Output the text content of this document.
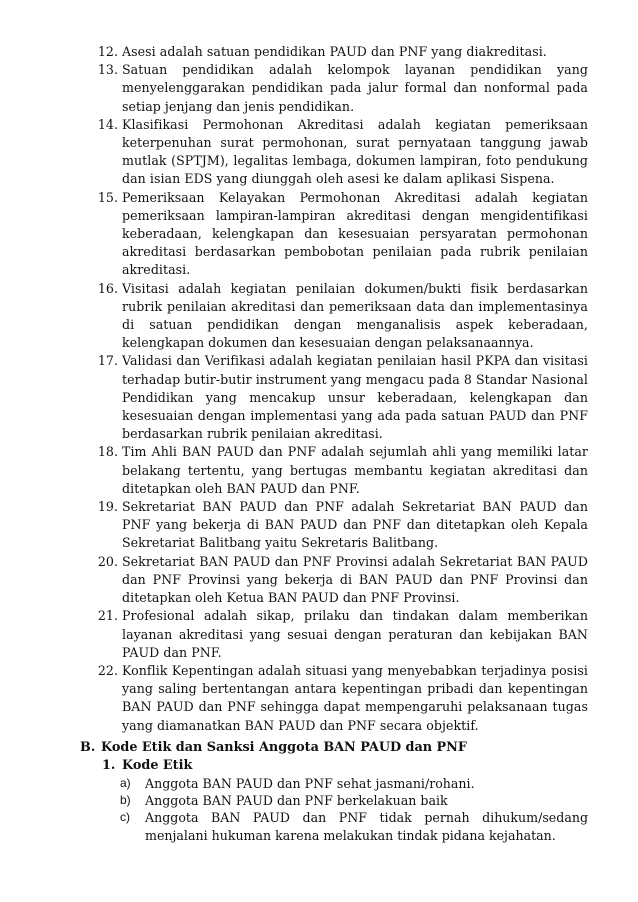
12. Asesi adalah satuan pendidikan PAUD dan PNF yang diakreditasi.
13. Satuan pendidikan adalah kelompok layanan pendidikan yang menyelenggarakan pendidikan pada jalur formal dan nonformal pada setiap jenjang dan jenis pendidikan.
14. Klasifikasi Permohonan Akreditasi adalah kegiatan pemeriksaan keterpenuhan surat permohonan, surat pernyataan tanggung jawab mutlak (SPTJM), legalitas lembaga, dokumen lampiran, foto pendukung dan isian EDS yang diunggah oleh asesi ke dalam aplikasi Sispena.
15. Pemeriksaan Kelayakan Permohonan Akreditasi adalah kegiatan pemeriksaan lampiran-lampiran akreditasi dengan mengidentifikasi keberadaan, kelengkapan dan kesesuaian persyaratan permohonan akreditasi berdasarkan pembobotan penilaian pada rubrik penilaian akreditasi.
16. Visitasi adalah kegiatan penilaian dokumen/bukti fisik berdasarkan rubrik penilaian akreditasi dan pemeriksaan data dan implementasinya di satuan pendidikan dengan menganalisis aspek keberadaan, kelengkapan dokumen dan kesesuaian dengan pelaksanaannya.
17. Validasi dan Verifikasi adalah kegiatan penilaian hasil PKPA dan visitasi terhadap butir-butir instrument yang mengacu pada 8 Standar Nasional Pendidikan yang mencakup unsur keberadaan, kelengkapan dan kesesuaian dengan implementasi yang ada pada satuan PAUD dan PNF berdasarkan rubrik penilaian akreditasi.
18. Tim Ahli BAN PAUD dan PNF adalah sejumlah ahli yang memiliki latar belakang tertentu, yang bertugas membantu kegiatan akreditasi dan ditetapkan oleh BAN PAUD dan PNF.
19. Sekretariat BAN PAUD dan PNF adalah Sekretariat BAN PAUD dan PNF yang bekerja di BAN PAUD dan PNF dan ditetapkan oleh Kepala Sekretariat Balitbang yaitu Sekretaris Balitbang.
20. Sekretariat BAN PAUD dan PNF Provinsi adalah Sekretariat BAN PAUD dan PNF Provinsi yang bekerja di BAN PAUD dan PNF Provinsi dan ditetapkan oleh Ketua BAN PAUD dan PNF Provinsi.
21. Profesional adalah sikap, prilaku dan tindakan dalam memberikan layanan akreditasi yang sesuai dengan peraturan dan kebijakan BAN PAUD dan PNF.
22. Konflik Kepentingan adalah situasi yang menyebabkan terjadinya posisi yang saling bertentangan antara kepentingan pribadi dan kepentingan BAN PAUD dan PNF sehingga dapat mempengaruhi pelaksanaan tugas yang diamanatkan BAN PAUD dan PNF secara objektif.
B. Kode Etik dan Sanksi Anggota BAN PAUD dan PNF
1. Kode Etik
a) Anggota BAN PAUD dan PNF sehat jasmani/rohani.
b) Anggota BAN PAUD dan PNF berkelakuan baik
c) Anggota BAN PAUD dan PNF tidak pernah dihukum/sedang menjalani hukuman karena melakukan tindak pidana kejahatan.
